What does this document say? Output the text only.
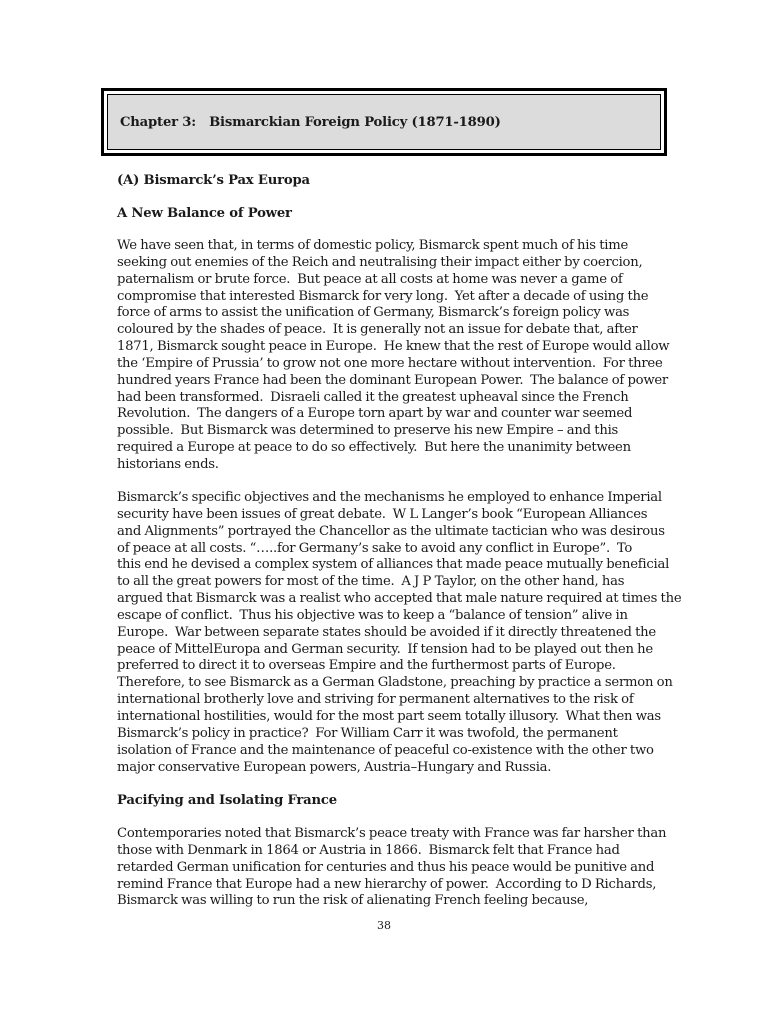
Chapter 3:   Bismarckian Foreign Policy (1871-1890)
(A) Bismarck’s Pax Europa
A New Balance of Power
We have seen that, in terms of domestic policy, Bismarck spent much of his time
seeking out enemies of the Reich and neutralising their impact either by coercion,
paternalism or brute force.  But peace at all costs at home was never a game of
compromise that interested Bismarck for very long.  Yet after a decade of using the
force of arms to assist the unification of Germany, Bismarck’s foreign policy was
coloured by the shades of peace.  It is generally not an issue for debate that, after
1871, Bismarck sought peace in Europe.  He knew that the rest of Europe would allow
the ‘Empire of Prussia’ to grow not one more hectare without intervention.  For three
hundred years France had been the dominant European Power.  The balance of power
had been transformed.  Disraeli called it the greatest upheaval since the French
Revolution.  The dangers of a Europe torn apart by war and counter war seemed
possible.  But Bismarck was determined to preserve his new Empire – and this
required a Europe at peace to do so effectively.  But here the unanimity between
historians ends.
Bismarck’s specific objectives and the mechanisms he employed to enhance Imperial
security have been issues of great debate.  W L Langer’s book “European Alliances
and Alignments” portrayed the Chancellor as the ultimate tactician who was desirous
of peace at all costs. “…..for Germany’s sake to avoid any conflict in Europe”.  To
this end he devised a complex system of alliances that made peace mutually beneficial
to all the great powers for most of the time.  A J P Taylor, on the other hand, has
argued that Bismarck was a realist who accepted that male nature required at times the
escape of conflict.  Thus his objective was to keep a “balance of tension” alive in
Europe.  War between separate states should be avoided if it directly threatened the
peace of MittelEuropa and German security.  If tension had to be played out then he
preferred to direct it to overseas Empire and the furthermost parts of Europe.
Therefore, to see Bismarck as a German Gladstone, preaching by practice a sermon on
international brotherly love and striving for permanent alternatives to the risk of
international hostilities, would for the most part seem totally illusory.  What then was
Bismarck’s policy in practice?  For William Carr it was twofold, the permanent
isolation of France and the maintenance of peaceful co-existence with the other two
major conservative European powers, Austria–Hungary and Russia.
Pacifying and Isolating France
Contemporaries noted that Bismarck’s peace treaty with France was far harsher than
those with Denmark in 1864 or Austria in 1866.  Bismarck felt that France had
retarded German unification for centuries and thus his peace would be punitive and
remind France that Europe had a new hierarchy of power.  According to D Richards,
Bismarck was willing to run the risk of alienating French feeling because,
38
